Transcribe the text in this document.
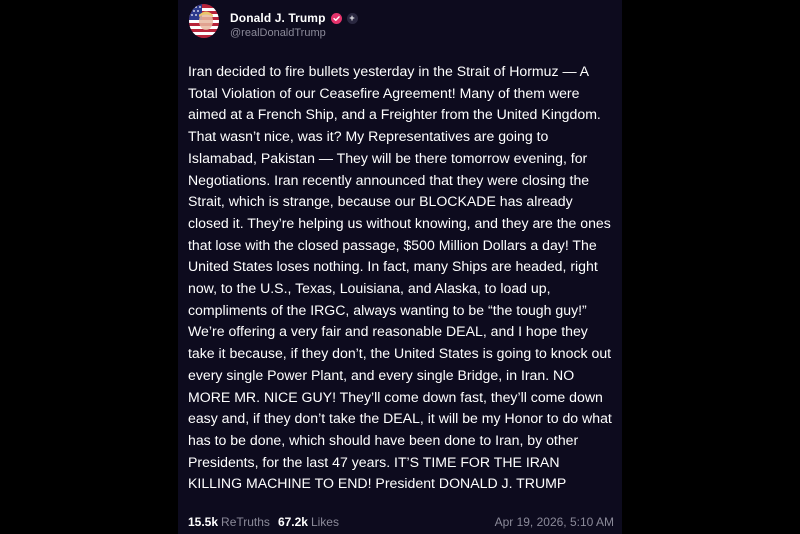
Donald J. Trump	+
@realDonaldTrump

Iran decided to fire bullets yesterday in the Strait of Hormuz — A Total Violation of our Ceasefire Agreement! Many of them were aimed at a French Ship, and a Freighter from the United Kingdom. That wasn’t nice, was it? My Representatives are going to Islamabad, Pakistan — They will be there tomorrow evening, for Negotiations. Iran recently announced that they were closing the Strait, which is strange, because our BLOCKADE has already closed it. They’re helping us without knowing, and they are the ones that lose with the closed passage, $500 Million Dollars a day! The United States loses nothing. In fact, many Ships are headed, right now, to the U.S., Texas, Louisiana, and Alaska, to load up, compliments of the IRGC, always wanting to be “the tough guy!” We’re offering a very fair and reasonable DEAL, and I hope they take it because, if they don’t, the United States is going to knock out every single Power Plant, and every single Bridge, in Iran. NO MORE MR. NICE GUY! They’ll come down fast, they’ll come down easy and, if they don’t take the DEAL, it will be my Honor to do what has to be done, which should have been done to Iran, by other Presidents, for the last 47 years. IT’S TIME FOR THE IRAN KILLING MACHINE TO END! President DONALD J. TRUMP

15.5k ReTruths 67.2k Likes	Apr 19, 2026, 5:10 AM
